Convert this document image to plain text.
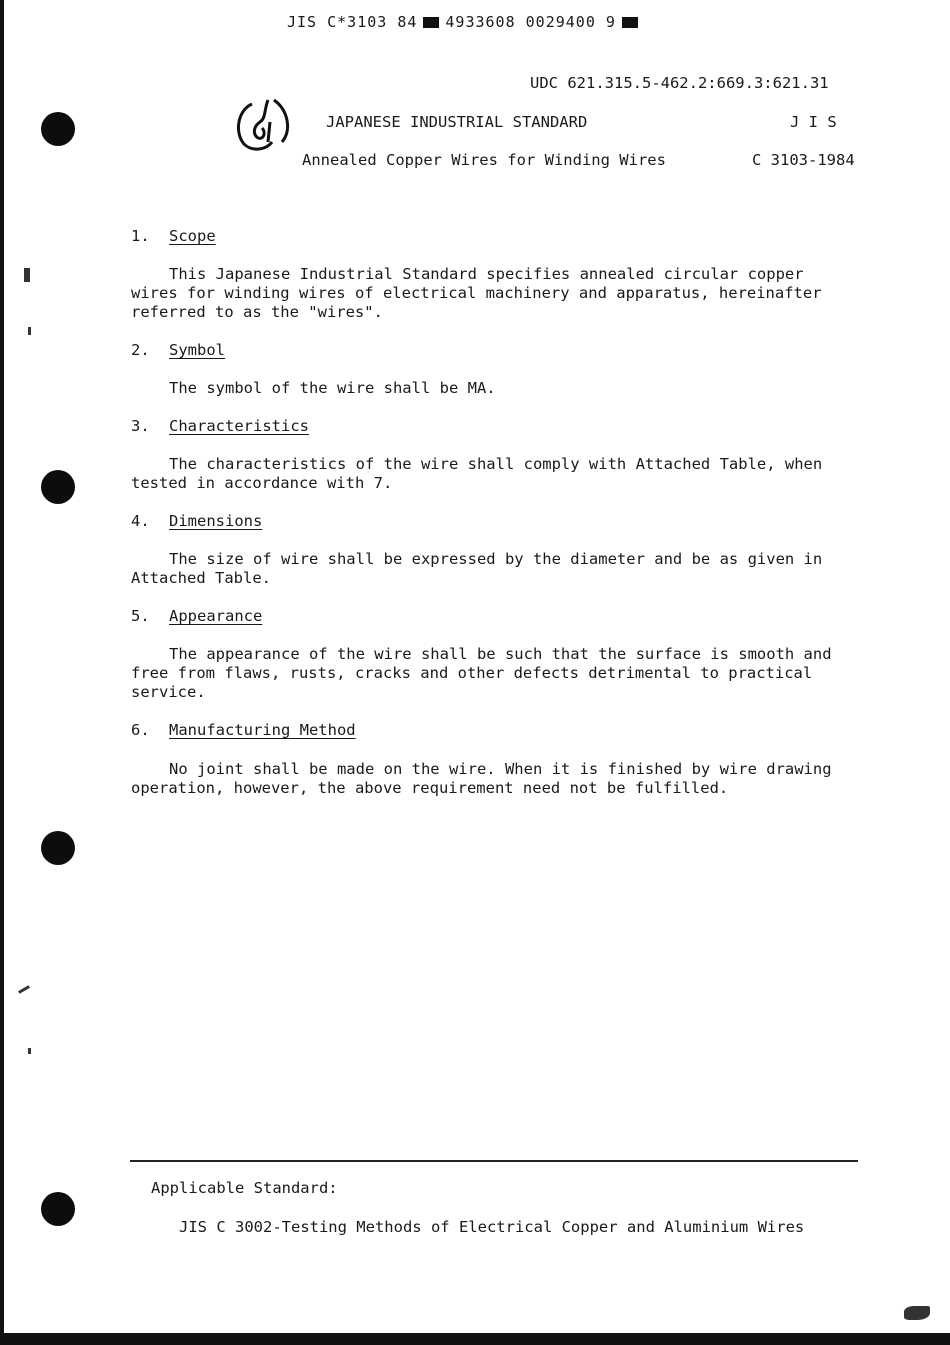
JIS C*3103 84 4933608 0029400 9
UDC 621.315.5-462.2:669.3:621.31
JAPANESE INDUSTRIAL STANDARD	J I S
Annealed Copper Wires for Winding Wires	C 3103-1984
1. Scope

This Japanese Industrial Standard specifies annealed circular copper wires for winding wires of electrical machinery and apparatus, hereinafter referred to as the "wires".

2. Symbol

The symbol of the wire shall be MA.

3. Characteristics

The characteristics of the wire shall comply with Attached Table, when tested in accordance with 7.

4. Dimensions

The size of wire shall be expressed by the diameter and be as given in Attached Table.

5. Appearance

The appearance of the wire shall be such that the surface is smooth and free from flaws, rusts, cracks and other defects detrimental to practical service.

6. Manufacturing Method

No joint shall be made on the wire. When it is finished by wire drawing operation, however, the above requirement need not be fulfilled.

Applicable Standard:
JIS C 3002-Testing Methods of Electrical Copper and Aluminium Wires
